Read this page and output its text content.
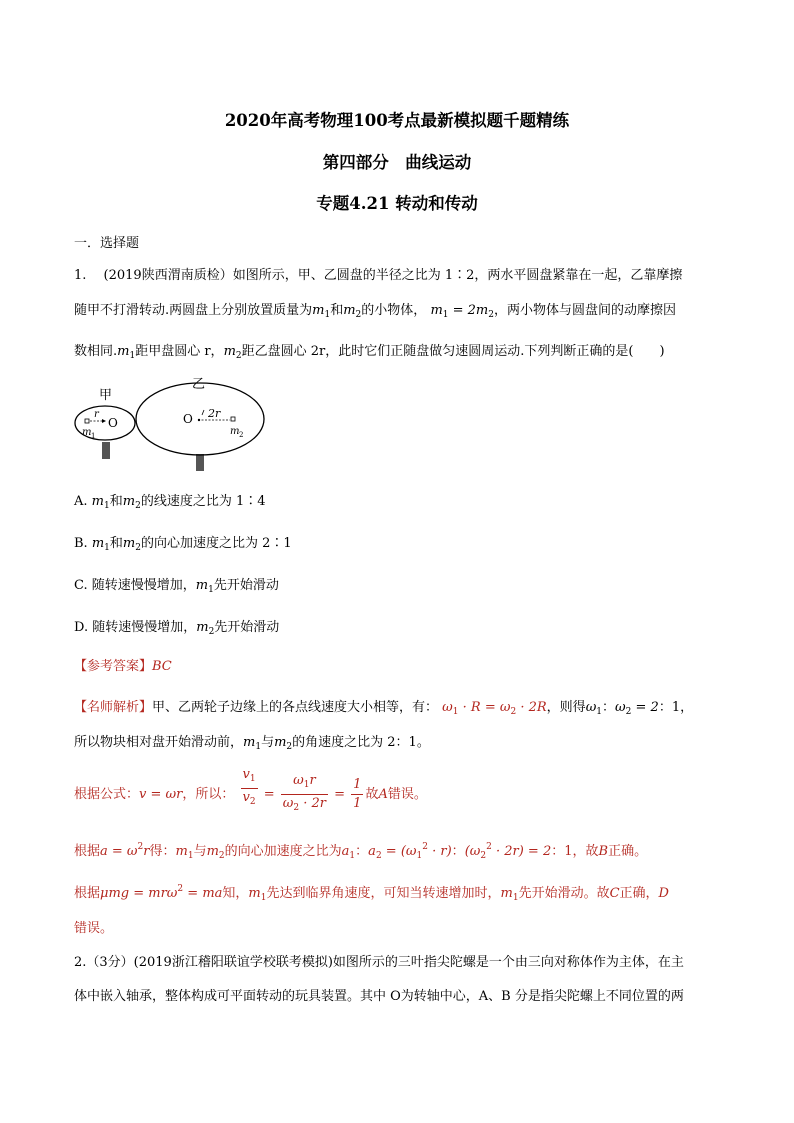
2020年高考物理100考点最新模拟题千题精练
第四部分　曲线运动
专题4.21 转动和传动
一．选择题
1.　 (2019陕西渭南质检）如图所示，甲、乙圆盘的半径之比为 1∶2，两水平圆盘紧靠在一起，乙靠摩擦
随甲不打滑转动.两圆盘上分别放置质量为$m_1$和$m_2$的小物体， $m_1 = 2m_2$，两小物体与圆盘间的动摩擦因
数相同$.m_1$距甲盘圆心 r，$m_2$距乙盘圆心 2r，此时它们正随盘做匀速圆周运动.下列判断正确的是(　　)
甲
乙
r
O
m 1
O 2r
m 2
A. $m_1$和$m_2$的线速度之比为 1∶4
B. $m_1$和$m_2$的向心加速度之比为 2∶1
C. 随转速慢慢增加，$m_1$先开始滑动
D. 随转速慢慢增加，$m_2$先开始滑动
【参考答案】BC
【名师解析】甲、乙两轮子边缘上的各点线速度大小相等，有： $\omega_1 \cdot R = \omega_2 \cdot 2R$，则得$\omega_1$：$\omega_2 = 2$：1，
所以物块相对盘开始滑动前，$m_1$与$m_2$的角速度之比为 2：1。
根据公式：v = ωr，所以： $\frac{v_1}{v_2} = \frac{\omega_1r}{\omega_2 \cdot 2r} = \frac{1}{1}$ 故A错误。
根据$a = \omega^2r$得：$m_1$与$m_2$的向心加速度之比为$a_1$：$a_2 = (\omega_1^2 \cdot r)$：$(\omega_2^2 \cdot 2r) = 2$：1，故B正确。
根据μmg = mrω$^2$ = ma知，$m_1$先达到临界角速度，可知当转速增加时，$m_1$先开始滑动。故C正确，D
错误。
2.（3分）(2019浙江稽阳联谊学校联考模拟)如图所示的三叶指尖陀螺是一个由三向对称体作为主体，在主
体中嵌入轴承，整体构成可平面转动的玩具装置。其中 O为转轴中心，A、B 分是指尖陀螺上不同位置的两
